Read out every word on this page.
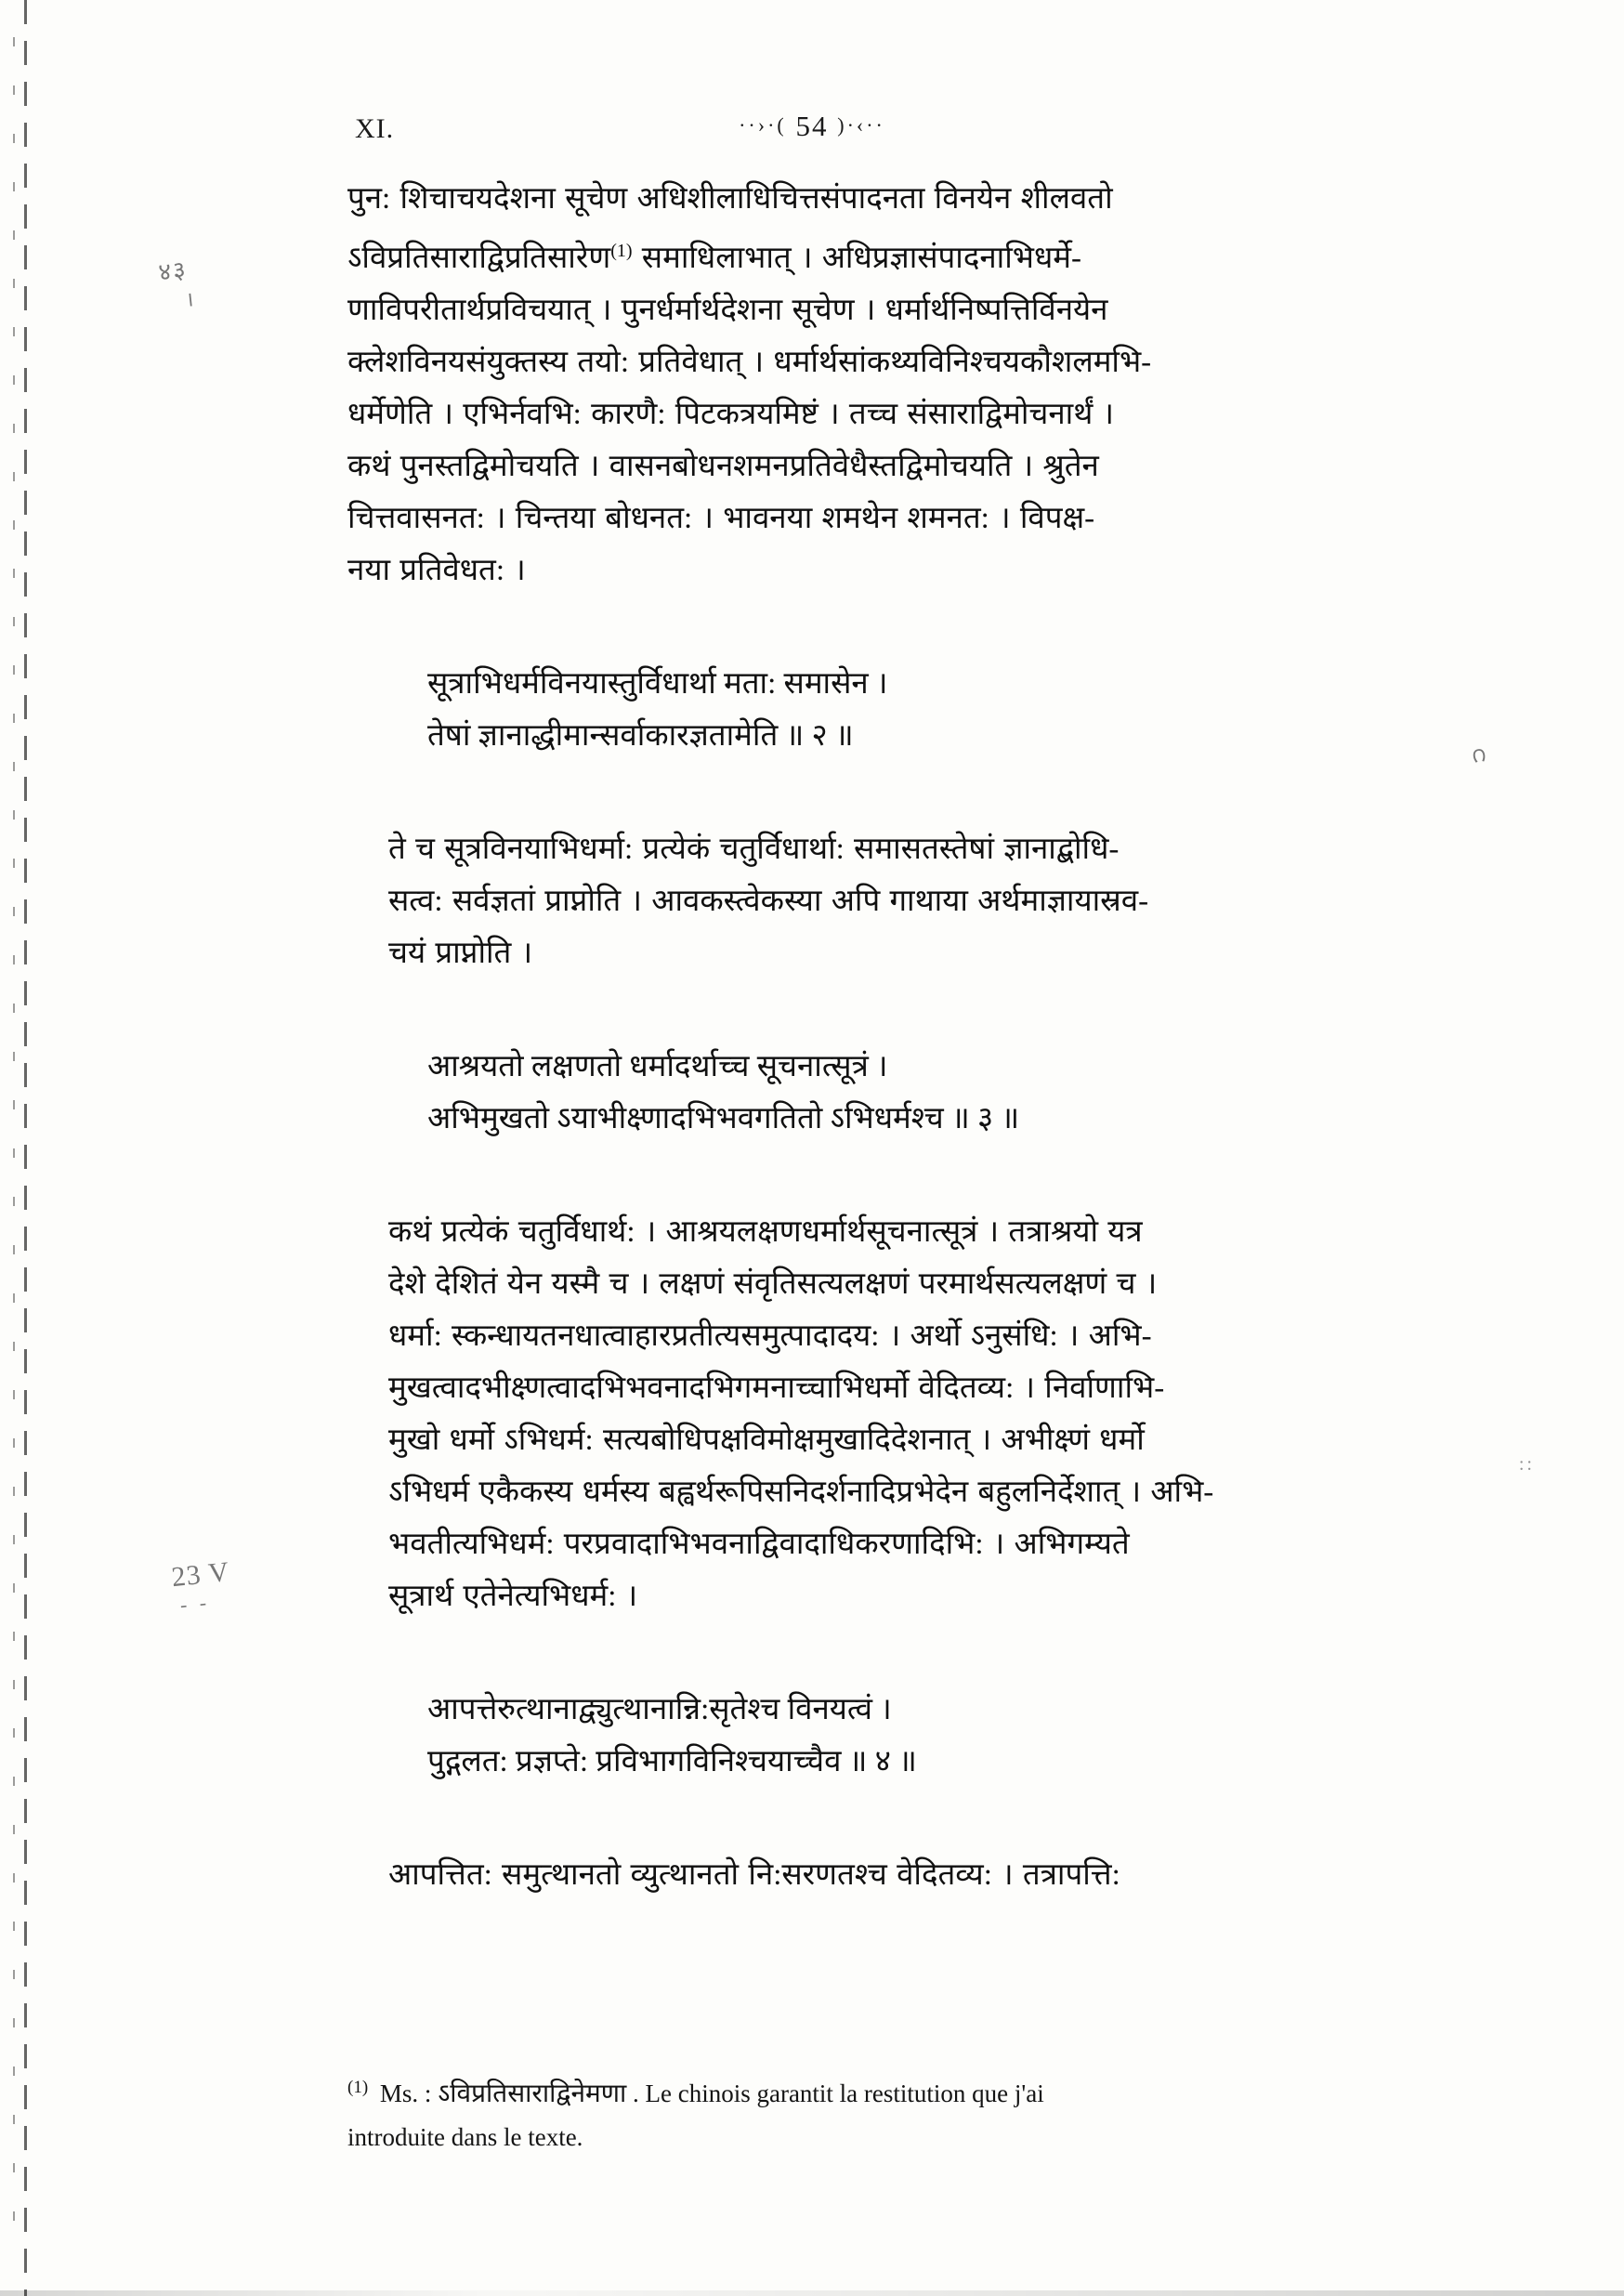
XI.	··›·( 54 )·‹··
४३
।
23 V
- -
౧
::
पुन: शिचाचयदेशना सूचेण अधिशीलाधिचित्तसंपादनता विनयेन शीलवतो
ऽविप्रतिसाराद्विप्रतिसारेण$^{(1)}$ समाधिलाभात् । अधिप्रज्ञासंपादनाभिधर्मे-
णाविपरीतार्थप्रविचयात् । पुनर्धर्मार्थदेशना सूचेण । धर्मार्थनिष्पत्तिर्विनयेन
क्लेशविनयसंयुक्तस्य तयो: प्रतिवेधात् । धर्मार्थसांकथ्यविनिश्चयकौशलमभि-
धर्मेणेति । एभिर्नवभि: कारणै: पिटकत्रयमिष्टं । तच्च संसाराद्विमोचनार्थं ।
कथं पुनस्तद्विमोचयति । वासनबोधनशमनप्रतिवेधैस्तद्विमोचयति । श्रुतेन
चित्तवासनत: । चिन्तया बोधनत: । भावनया शमथेन शमनत: । विपक्ष-
नया प्रतिवेधत: ।
सूत्राभिधर्मविनयास्तुर्विधार्था मता: समासेन ।
तेषां ज्ञानाद्धीमान्सर्वाकारज्ञतामेति ॥ २ ॥
ते च सूत्रविनयाभिधर्मा: प्रत्येकं चतुर्विधार्था: समासतस्तेषां ज्ञानाद्बोधि-
सत्व: सर्वज्ञतां प्राप्नोति । आवकस्त्वेकस्या अपि गाथाया अर्थमाज्ञायास्रव-
चयं प्राप्नोति ।
आश्रयतो लक्षणतो धर्मादर्थाच्च सूचनात्सूत्रं ।
अभिमुखतो ऽयाभीक्ष्णादभिभवगतितो ऽभिधर्मश्च ॥ ३ ॥
कथं प्रत्येकं चतुर्विधार्थ: । आश्रयलक्षणधर्मार्थसूचनात्सूत्रं । तत्राश्रयो यत्र
देशे देशितं येन यस्मै च । लक्षणं संवृतिसत्यलक्षणं परमार्थसत्यलक्षणं च ।
धर्मा: स्कन्धायतनधात्वाहारप्रतीत्यसमुत्पादादय: । अर्थो ऽनुसंधि: । अभि-
मुखत्वादभीक्ष्णत्वादभिभवनादभिगमनाच्चाभिधर्मो वेदितव्य: । निर्वाणाभि-
मुखो धर्मो ऽभिधर्म: सत्यबोधिपक्षविमोक्षमुखादिदेशनात् । अभीक्ष्णं धर्मो
ऽभिधर्म एकैकस्य धर्मस्य बह्वर्थरूपिसनिदर्शनादिप्रभेदेन बहुलनिर्देशात् । अभि-
भवतीत्यभिधर्म: परप्रवादाभिभवनाद्विवादाधिकरणादिभि: । अभिगम्यते
सूत्रार्थ एतेनेत्यभिधर्म: ।
आपत्तेरुत्थानाद्व्युत्थानान्नि:सृतेश्च विनयत्वं ।
पुद्गलत: प्रज्ञप्ते: प्रविभागविनिश्चयाच्चैव ॥ ४ ॥
आपत्तित: समुत्थानतो व्युत्थानतो नि:सरणतश्च वेदितव्य: । तत्रापत्ति:
$^{(1)}$ Ms. : ऽविप्रतिसाराद्विनेमणा . Le chinois garantit la restitution que j'ai
introduite dans le texte.
